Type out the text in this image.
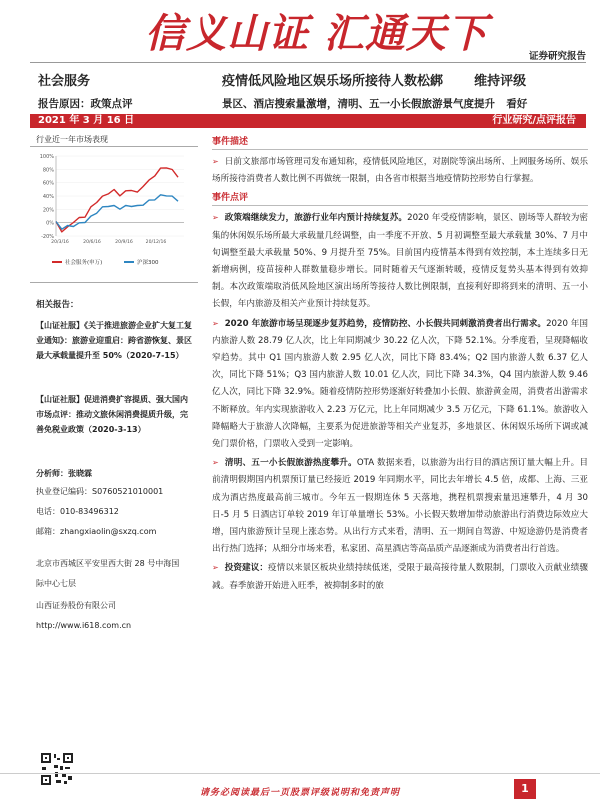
信义山证 汇通天下	证券研究报告
社会服务	疫情低风险地区娱乐场所接待人数松綁 维持评级
报告原因：政策点评	景区、酒店搜索量激增，清明、五一小长假旅游景气度提升 看好
2021 年 3 月 16 日	行业研究/点评报告
行业近一年市场表现
100%
80%
60%
40%
20%
0%
-20%
20/3/16	20/6/16	20/9/16	20/12/16
社会服务(申万)	沪深300
相关报告：
【山证社服】《关于推进旅游企业扩大复工复业通知》：旅游业迎重启：跨省游恢复、景区最大承载量提升至 50%（2020-7-15）
【山证社服】促进消费扩容提质、强大国内市场点评：推动文旅休闲消费提质升级，完善免税业政策（2020-3-13）
分析师：张晓霖
执业登记编码：S0760521010001
电话：010-83496312
邮箱：zhangxiaolin@sxzq.com
北京市西城区平安里西大街 28 号中海国
际中心七层
山西证券股份有限公司
http://www.i618.com.cn
事件描述

➢ 日前文旅部市场管理司发布通知称，疫情低风险地区，对剧院等演出场所、上网服务场所、娱乐场所接待消费者人数比例不再做统一限制，由各省市根据当地疫情防控形势自行掌握。

事件点评

➢ 政策端继续发力，旅游行业年内预计持续复苏。2020 年受疫情影响，景区、剧场等人群较为密集的休闲娱乐场所最大承载量几经调整，由一季度不开放、5 月初调整至最大承载量 30%、7 月中旬调整至最大承载量 50%、9 月提升至 75%。目前国内疫情基本得到有效控制，本土连续多日无新增病例，疫苗接种人群数量稳步增长。同时随着天气逐渐转暖，疫情反复势头基本得到有效抑制。本次政策端取消低风险地区演出场所等接待人数比例限制，直接利好即将到来的清明、五一小长假，年内旅游及相关产业预计持续复苏。

➢ 2020 年旅游市场呈现逐步复苏趋势，疫情防控、小长假共同刺激消费者出行需求。2020 年国内旅游人数 28.79 亿人次，比上年同期减少 30.22 亿人次，下降 52.1%。分季度看，呈现降幅收窄趋势。其中 Q1 国内旅游人数 2.95 亿人次，同比下降 83.4%；Q2 国内旅游人数 6.37 亿人次，同比下降 51%；Q3 国内旅游人数 10.01 亿人次，同比下降 34.3%，Q4 国内旅游人数 9.46 亿人次，同比下降 32.9%。随着疫情防控形势逐渐好转叠加小长假、旅游黄金周，消费者出游需求不断释放。年内实现旅游收入 2.23 万亿元，比上年同期减少 3.5 万亿元，下降 61.1%。旅游收入降幅略大于旅游人次降幅，主要系为促进旅游等相关产业复苏，多地景区、休闲娱乐场所下调或减免门票价格，门票收入受到一定影响。

➢ 清明、五一小长假旅游热度攀升。OTA 数据来看，以旅游为出行目的酒店预订量大幅上升。目前清明假期国内机票预订量已经接近 2019 年同期水平，同比去年增长 4.5 倍，成都、上海、三亚成为酒店热度最高前三城市。今年五一假期连休 5 天落地，携程机票搜索量迅速攀升，4 月 30 日-5 月 5 日酒店订单较 2019 年订单量增长 53%。小长假天数增加带动旅游出行消费边际效应大增，国内旅游预计呈现上涨态势。从出行方式来看，清明、五一期间自驾游、中短途游仍是消费者出行热门选择；从细分市场来看，私家团、高星酒店等高品质产品逐渐成为消费者出行首选。

➢ 投资建议：疫情以来景区板块业绩持续低迷，受限于最高接待量人数限制，门票收入贡献业绩骤减。春季旅游开始进入旺季，被抑制多时的旅

请务必阅读最后一页股票评级说明和免责声明	1
